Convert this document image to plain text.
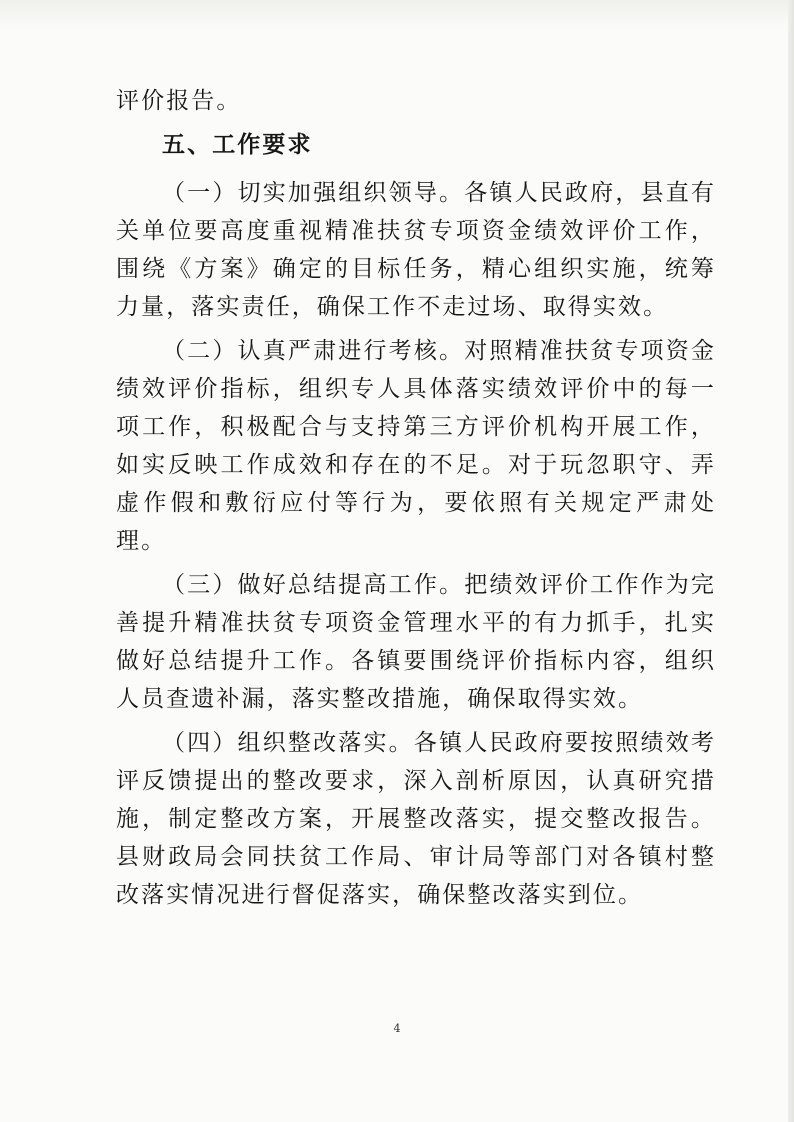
评价报告。

五、工作要求

（一）切实加强组织领导。各镇人民政府，县直有关单位要高度重视精准扶贫专项资金绩效评价工作，围绕《方案》确定的目标任务，精心组织实施，统筹力量，落实责任，确保工作不走过场、取得实效。

（二）认真严肃进行考核。对照精准扶贫专项资金绩效评价指标，组织专人具体落实绩效评价中的每一项工作，积极配合与支持第三方评价机构开展工作，如实反映工作成效和存在的不足。对于玩忽职守、弄虚作假和敷衍应付等行为，要依照有关规定严肃处理。

（三）做好总结提高工作。把绩效评价工作作为完善提升精准扶贫专项资金管理水平的有力抓手，扎实做好总结提升工作。各镇要围绕评价指标内容，组织人员查遗补漏，落实整改措施，确保取得实效。

（四）组织整改落实。各镇人民政府要按照绩效考评反馈提出的整改要求，深入剖析原因，认真研究措施，制定整改方案，开展整改落实，提交整改报告。县财政局会同扶贫工作局、审计局等部门对各镇村整改落实情况进行督促落实，确保整改落实到位。

4
